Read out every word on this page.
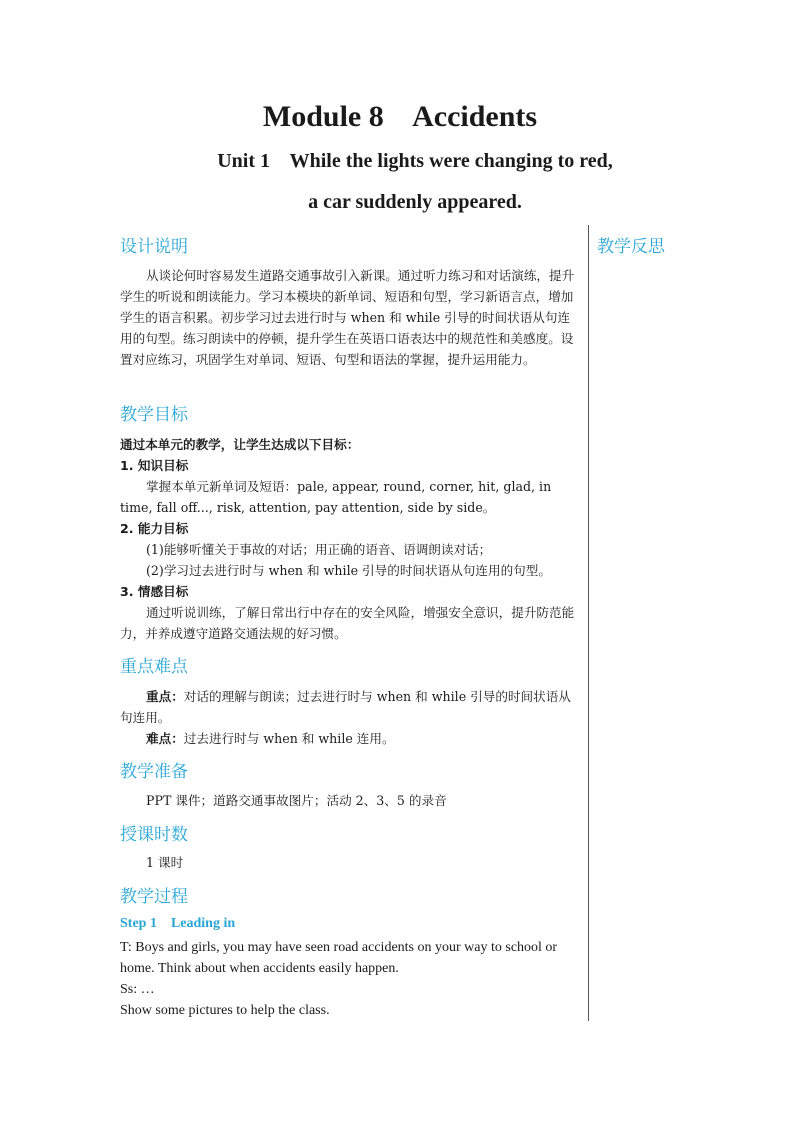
Module 8    Accidents
Unit 1    While the lights were changing to red,
a car suddenly appeared.
教学反思
设计说明
从谈论何时容易发生道路交通事故引入新课。通过听力练习和对话演练，提升学生的听说和朗读能力。学习本模块的新单词、短语和句型，学习新语言点，增加学生的语言积累。初步学习过去进行时与 when 和 while 引导的时间状语从句连用的句型。练习朗读中的停顿，提升学生在英语口语表达中的规范性和美感度。设置对应练习，巩固学生对单词、短语、句型和语法的掌握，提升运用能力。
教学目标
通过本单元的教学，让学生达成以下目标：
1. 知识目标
掌握本单元新单词及短语：pale, appear, round, corner, hit, glad, in time, fall off..., risk, attention, pay attention, side by side。
2. 能力目标
(1)能够听懂关于事故的对话；用正确的语音、语调朗读对话；
(2)学习过去进行时与 when 和 while 引导的时间状语从句连用的句型。
3. 情感目标
通过听说训练，了解日常出行中存在的安全风险，增强安全意识，提升防范能力，并养成遵守道路交通法规的好习惯。
重点难点
重点：对话的理解与朗读；过去进行时与 when 和 while 引导的时间状语从句连用。
难点：过去进行时与 when 和 while 连用。
教学准备
PPT 课件；道路交通事故图片；活动 2、3、5 的录音
授课时数
1 课时
教学过程
Step 1    Leading in
T: Boys and girls, you may have seen road accidents on your way to school or home. Think about when accidents easily happen.
Ss: …
Show some pictures to help the class.
